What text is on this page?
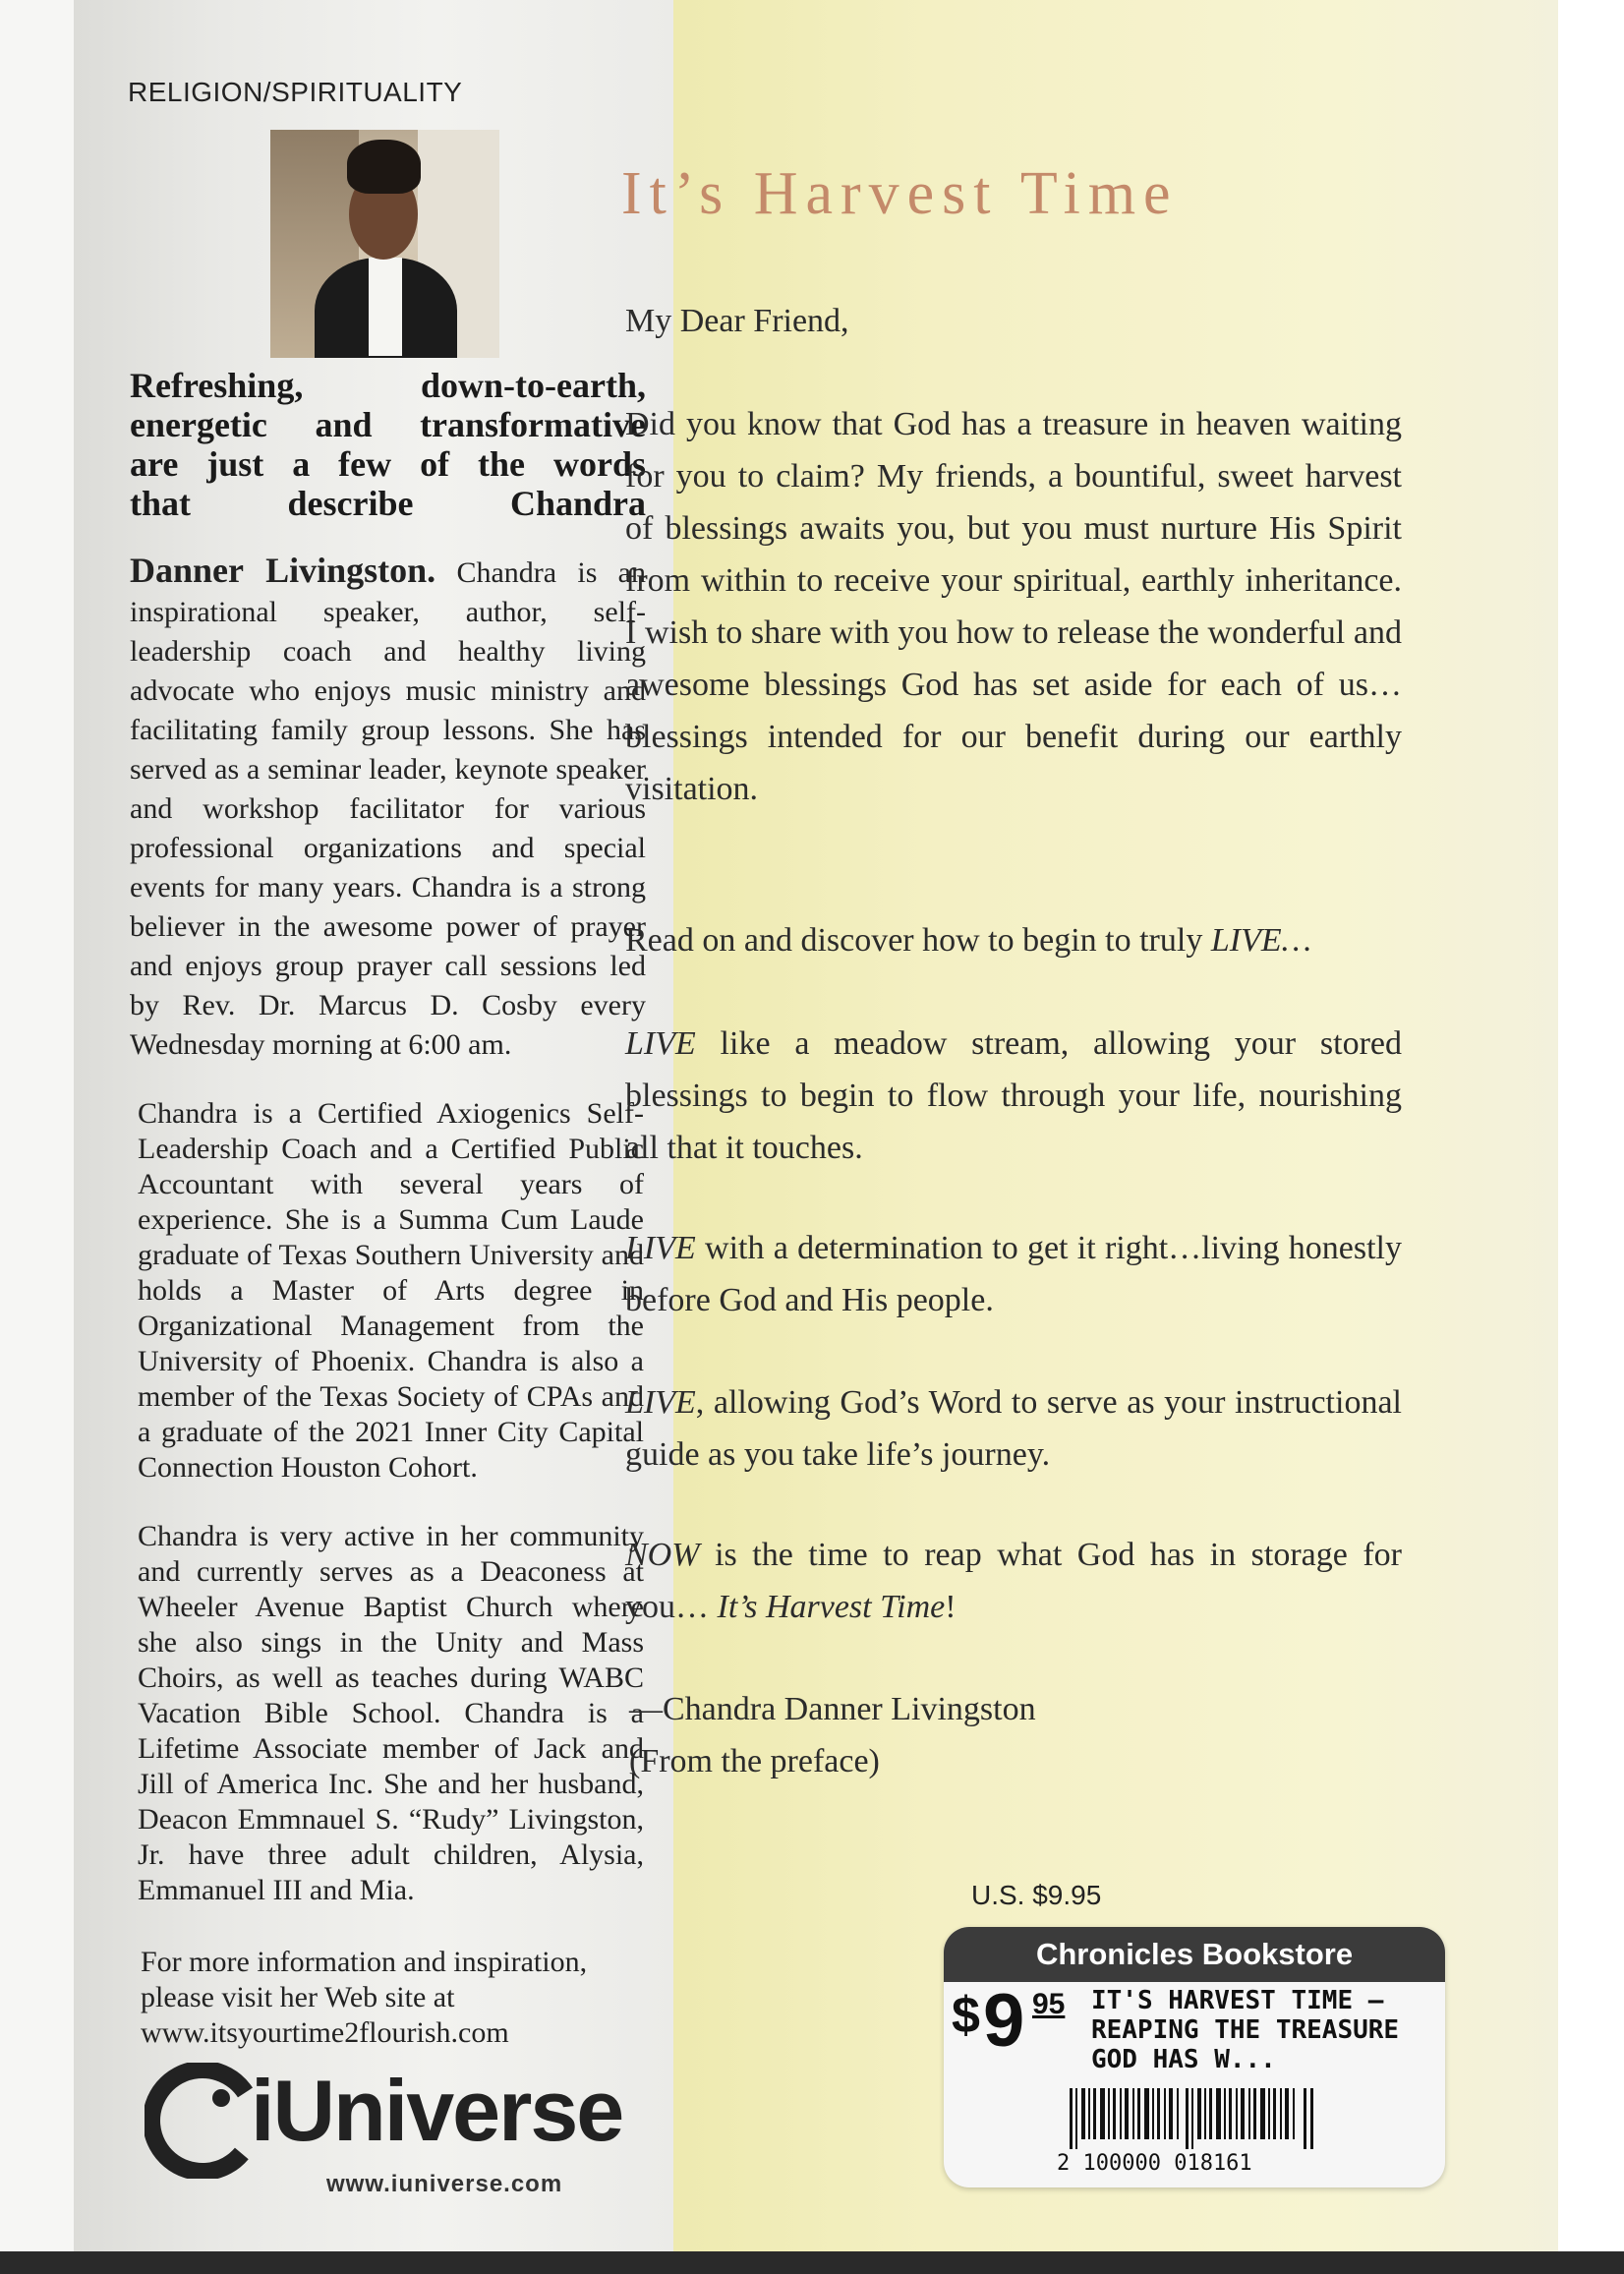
RELIGION/SPIRITUALITY
Refreshing, down-to-earth,
energetic and transformative
are just a few of the words
that describe Chandra
Danner Livingston. Chandra is an inspirational speaker, author, self-leadership coach and healthy living advocate who enjoys music ministry and facilitating family group lessons. She has served as a seminar leader, keynote speaker and workshop facilitator for various professional organizations and special events for many years. Chandra is a strong believer in the awesome power of prayer and enjoys group prayer call sessions led by Rev. Dr. Marcus D. Cosby every Wednesday morning at 6:00 am.
Chandra is a Certified Axiogenics Self-Leadership Coach and a Certified Public Accountant with several years of experience. She is a Summa Cum Laude graduate of Texas Southern University and holds a Master of Arts degree in Organizational Management from the University of Phoenix. Chandra is also a member of the Texas Society of CPAs and a graduate of the 2021 Inner City Capital Connection Houston Cohort.
Chandra is very active in her community and currently serves as a Deaconess at Wheeler Avenue Baptist Church where she also sings in the Unity and Mass Choirs, as well as teaches during WABC Vacation Bible School. Chandra is a Lifetime Associate member of Jack and Jill of America Inc. She and her husband, Deacon Emmnauel S. “Rudy” Livingston, Jr. have three adult children, Alysia, Emmanuel III and Mia.
For more information and inspiration,
please visit her Web site at
www.itsyourtime2flourish.com
iUniverse
www.iuniverse.com
It’s Harvest Time
My Dear Friend,
Did you know that God has a treasure in heaven waiting for you to claim? My friends, a bountiful, sweet harvest of blessings awaits you, but you must nurture His Spirit from within to receive your spiritual, earthly inheritance. I wish to share with you how to release the wonderful and awesome blessings God has set aside for each of us…blessings intended for our benefit during our earthly visitation.
Read on and discover how to begin to truly LIVE…
LIVE like a meadow stream, allowing your stored blessings to begin to flow through your life, nourishing all that it touches.
LIVE with a determination to get it right…living honestly before God and His people.
LIVE, allowing God’s Word to serve as your instructional guide as you take life’s journey.
NOW is the time to reap what God has in storage for you… It’s Harvest Time!
—Chandra Danner Livingston
(From the preface)
U.S. $9.95
Chronicles Bookstore
$ 9 95 IT'S HARVEST TIME –
REAPING THE TREASURE
GOD HAS W...
2 100000 018161
